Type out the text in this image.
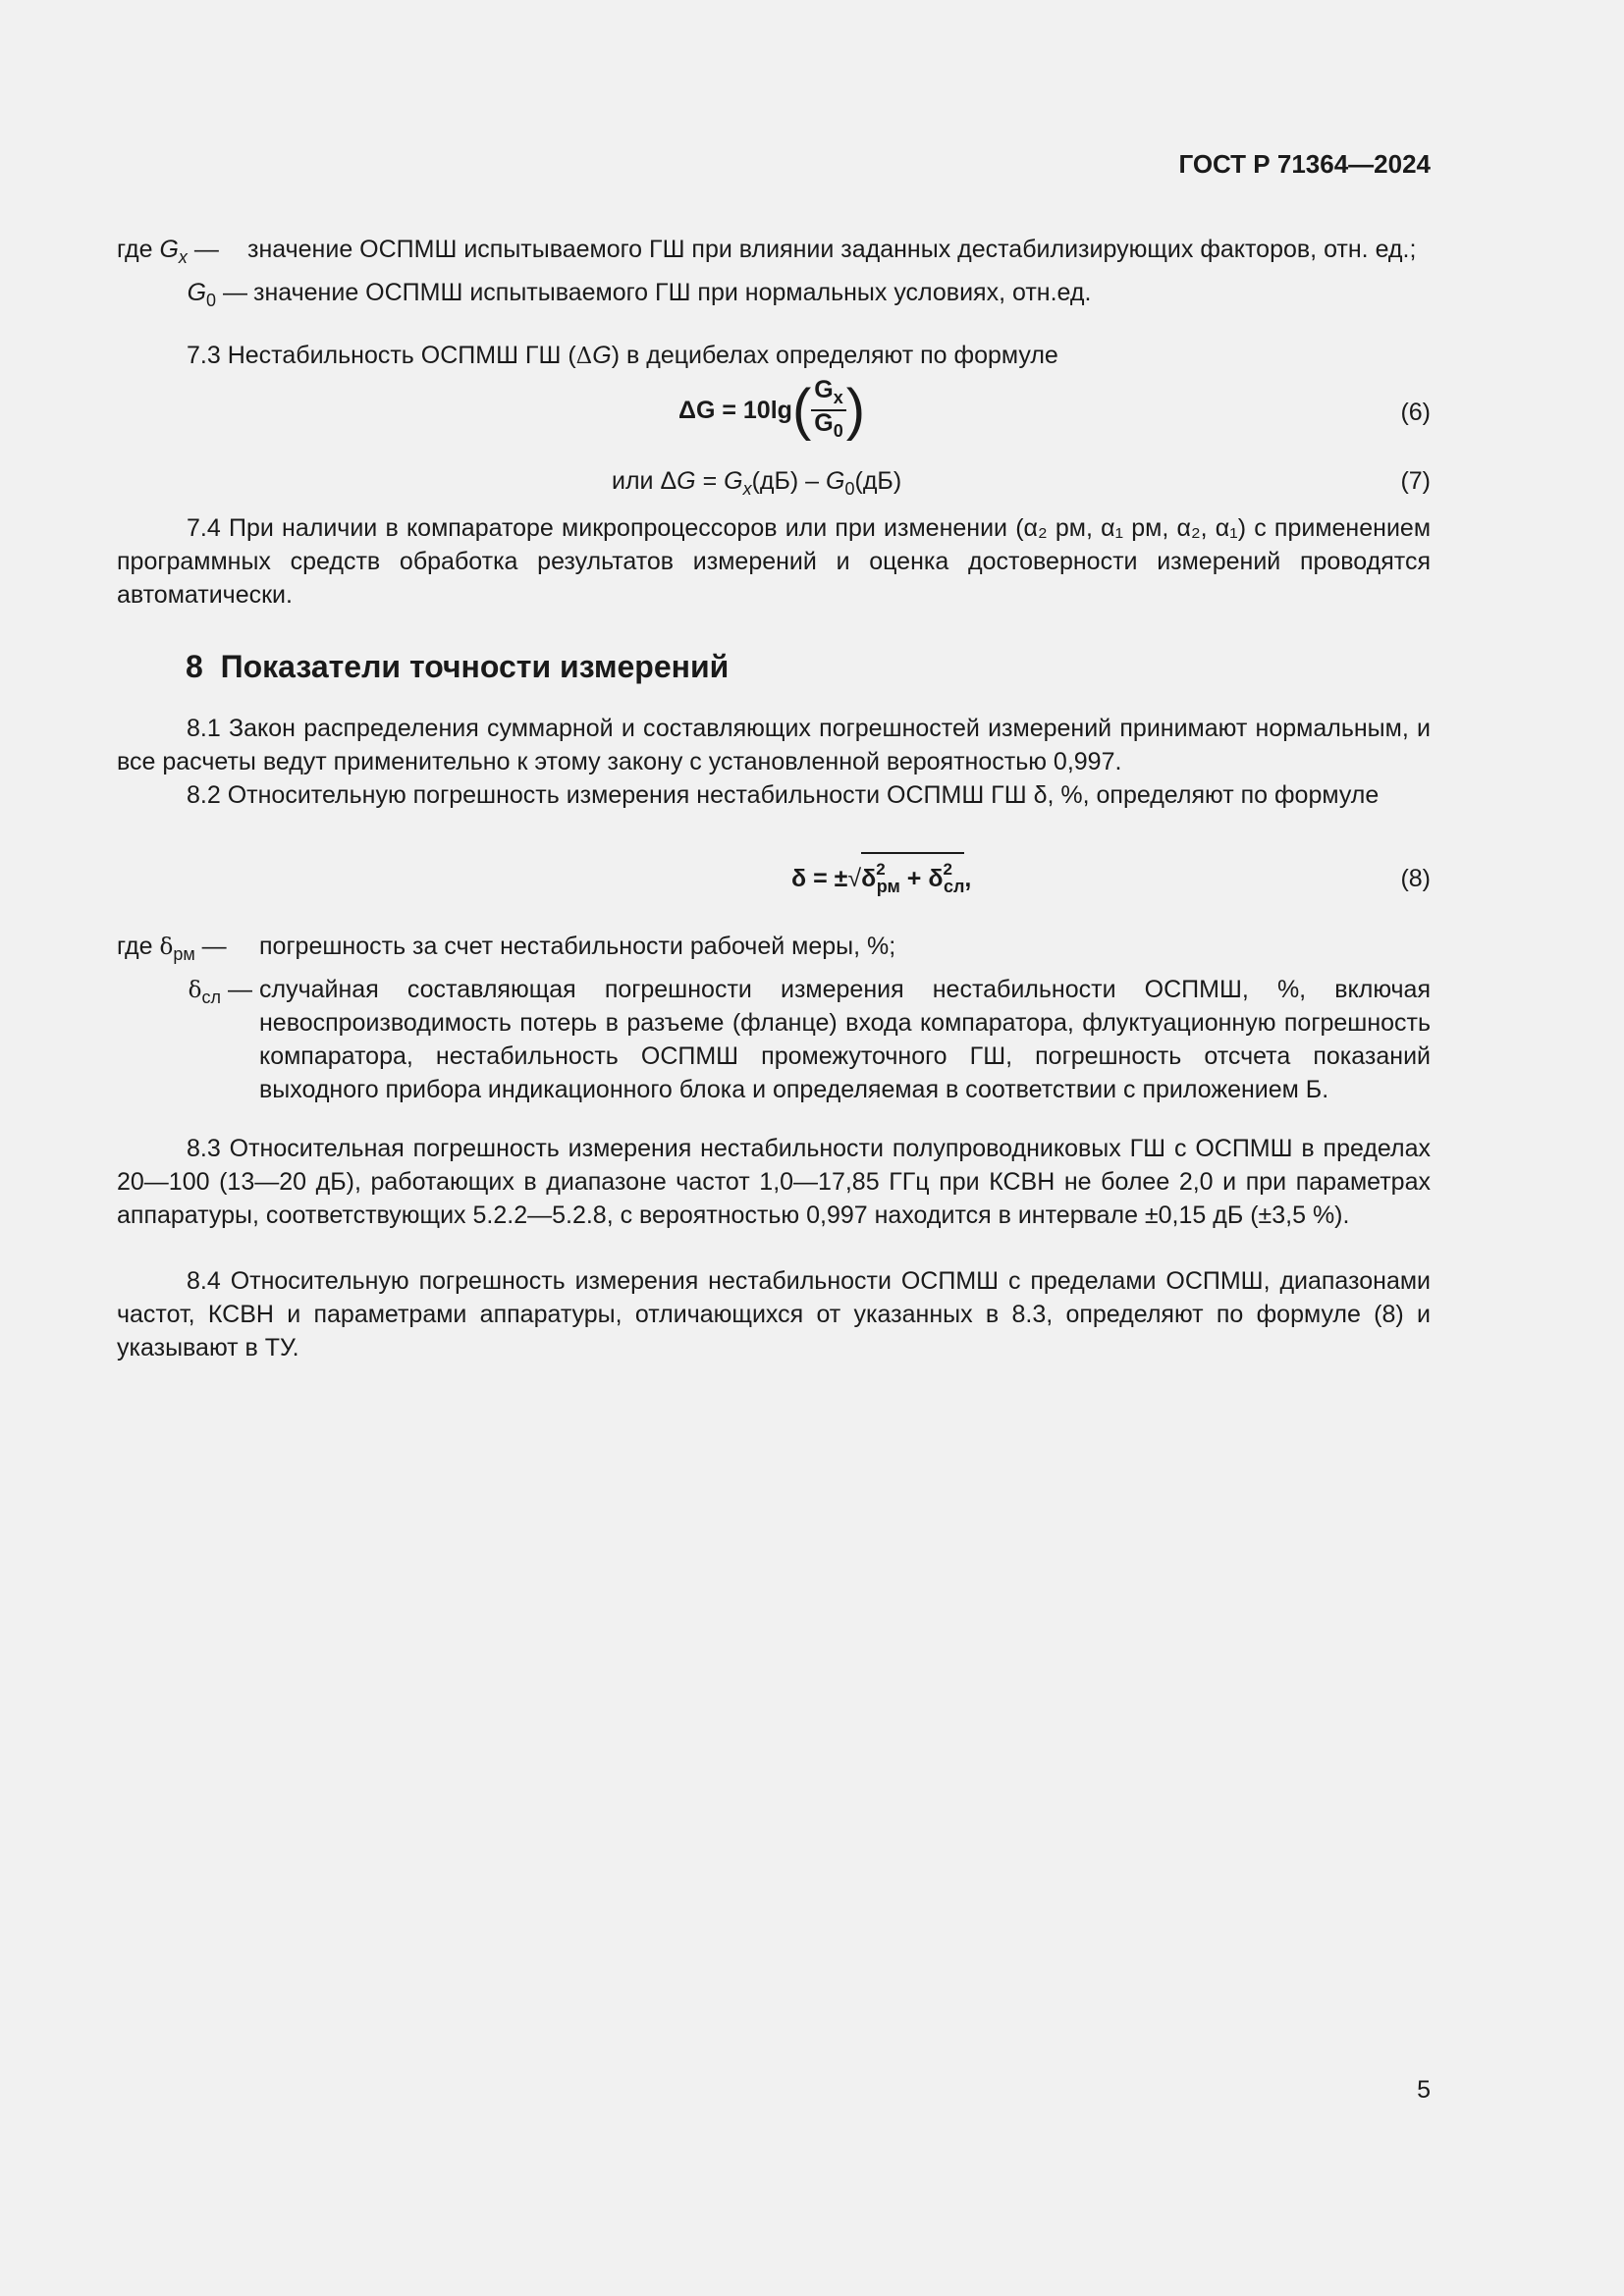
ГОСТ Р 71364—2024
где $G_x$ —	значение ОСПМШ испытываемого ГШ при влиянии заданных дестабилизирующих факторов, отн. ед.;
$G_0$ — значение ОСПМШ испытываемого ГШ при нормальных условиях, отн.ед.
7.3 Нестабильность ОСПМШ ГШ (ΔG) в децибелах определяют по формуле
$\Delta G = 10\lg( \frac{G_x}{G_0}$ )	(6)
или $\Delta G = G_x(дБ) - G_0(дБ)$	(7)
7.4 При наличии в компараторе микропроцессоров или при изменении (α₂ рм, α₁ рм, α₂, α₁) с применением программных средств обработка результатов измерений и оценка достоверности измерений проводятся автоматически.
8 Показатели точности измерений
8.1 Закон распределения суммарной и составляющих погрешностей измерений принимают нормальным, и все расчеты ведут применительно к этому закону с установленной вероятностью 0,997.
8.2 Относительную погрешность измерения нестабильности ОСПМШ ГШ δ, %, определяют по формуле
$\delta = \pm√\delta^2_{рм} + \delta^2_{сл}$,	(8)
где $\delta_{рм}$ —	погрешность за счет нестабильности рабочей меры, %;
$\delta_{сл}$ — случайная составляющая погрешности измерения нестабильности ОСПМШ, %, включая невоспроизводимость потерь в разъеме (фланце) входа компаратора, флуктуационную погрешность компаратора, нестабильность ОСПМШ промежуточного ГШ, погрешность отсчета показаний выходного прибора индикационного блока и определяемая в соответствии с приложением Б.
8.3 Относительная погрешность измерения нестабильности полупроводниковых ГШ с ОСПМШ в пределах 20—100 (13—20 дБ), работающих в диапазоне частот 1,0—17,85 ГГц при КСВН не более 2,0 и при параметрах аппаратуры, соответствующих 5.2.2—5.2.8, с вероятностью 0,997 находится в интервале ±0,15 дБ (±3,5 %).
8.4 Относительную погрешность измерения нестабильности ОСПМШ с пределами ОСПМШ, диапазонами частот, КСВН и параметрами аппаратуры, отличающихся от указанных в 8.3, определяют по формуле (8) и указывают в ТУ.
5
